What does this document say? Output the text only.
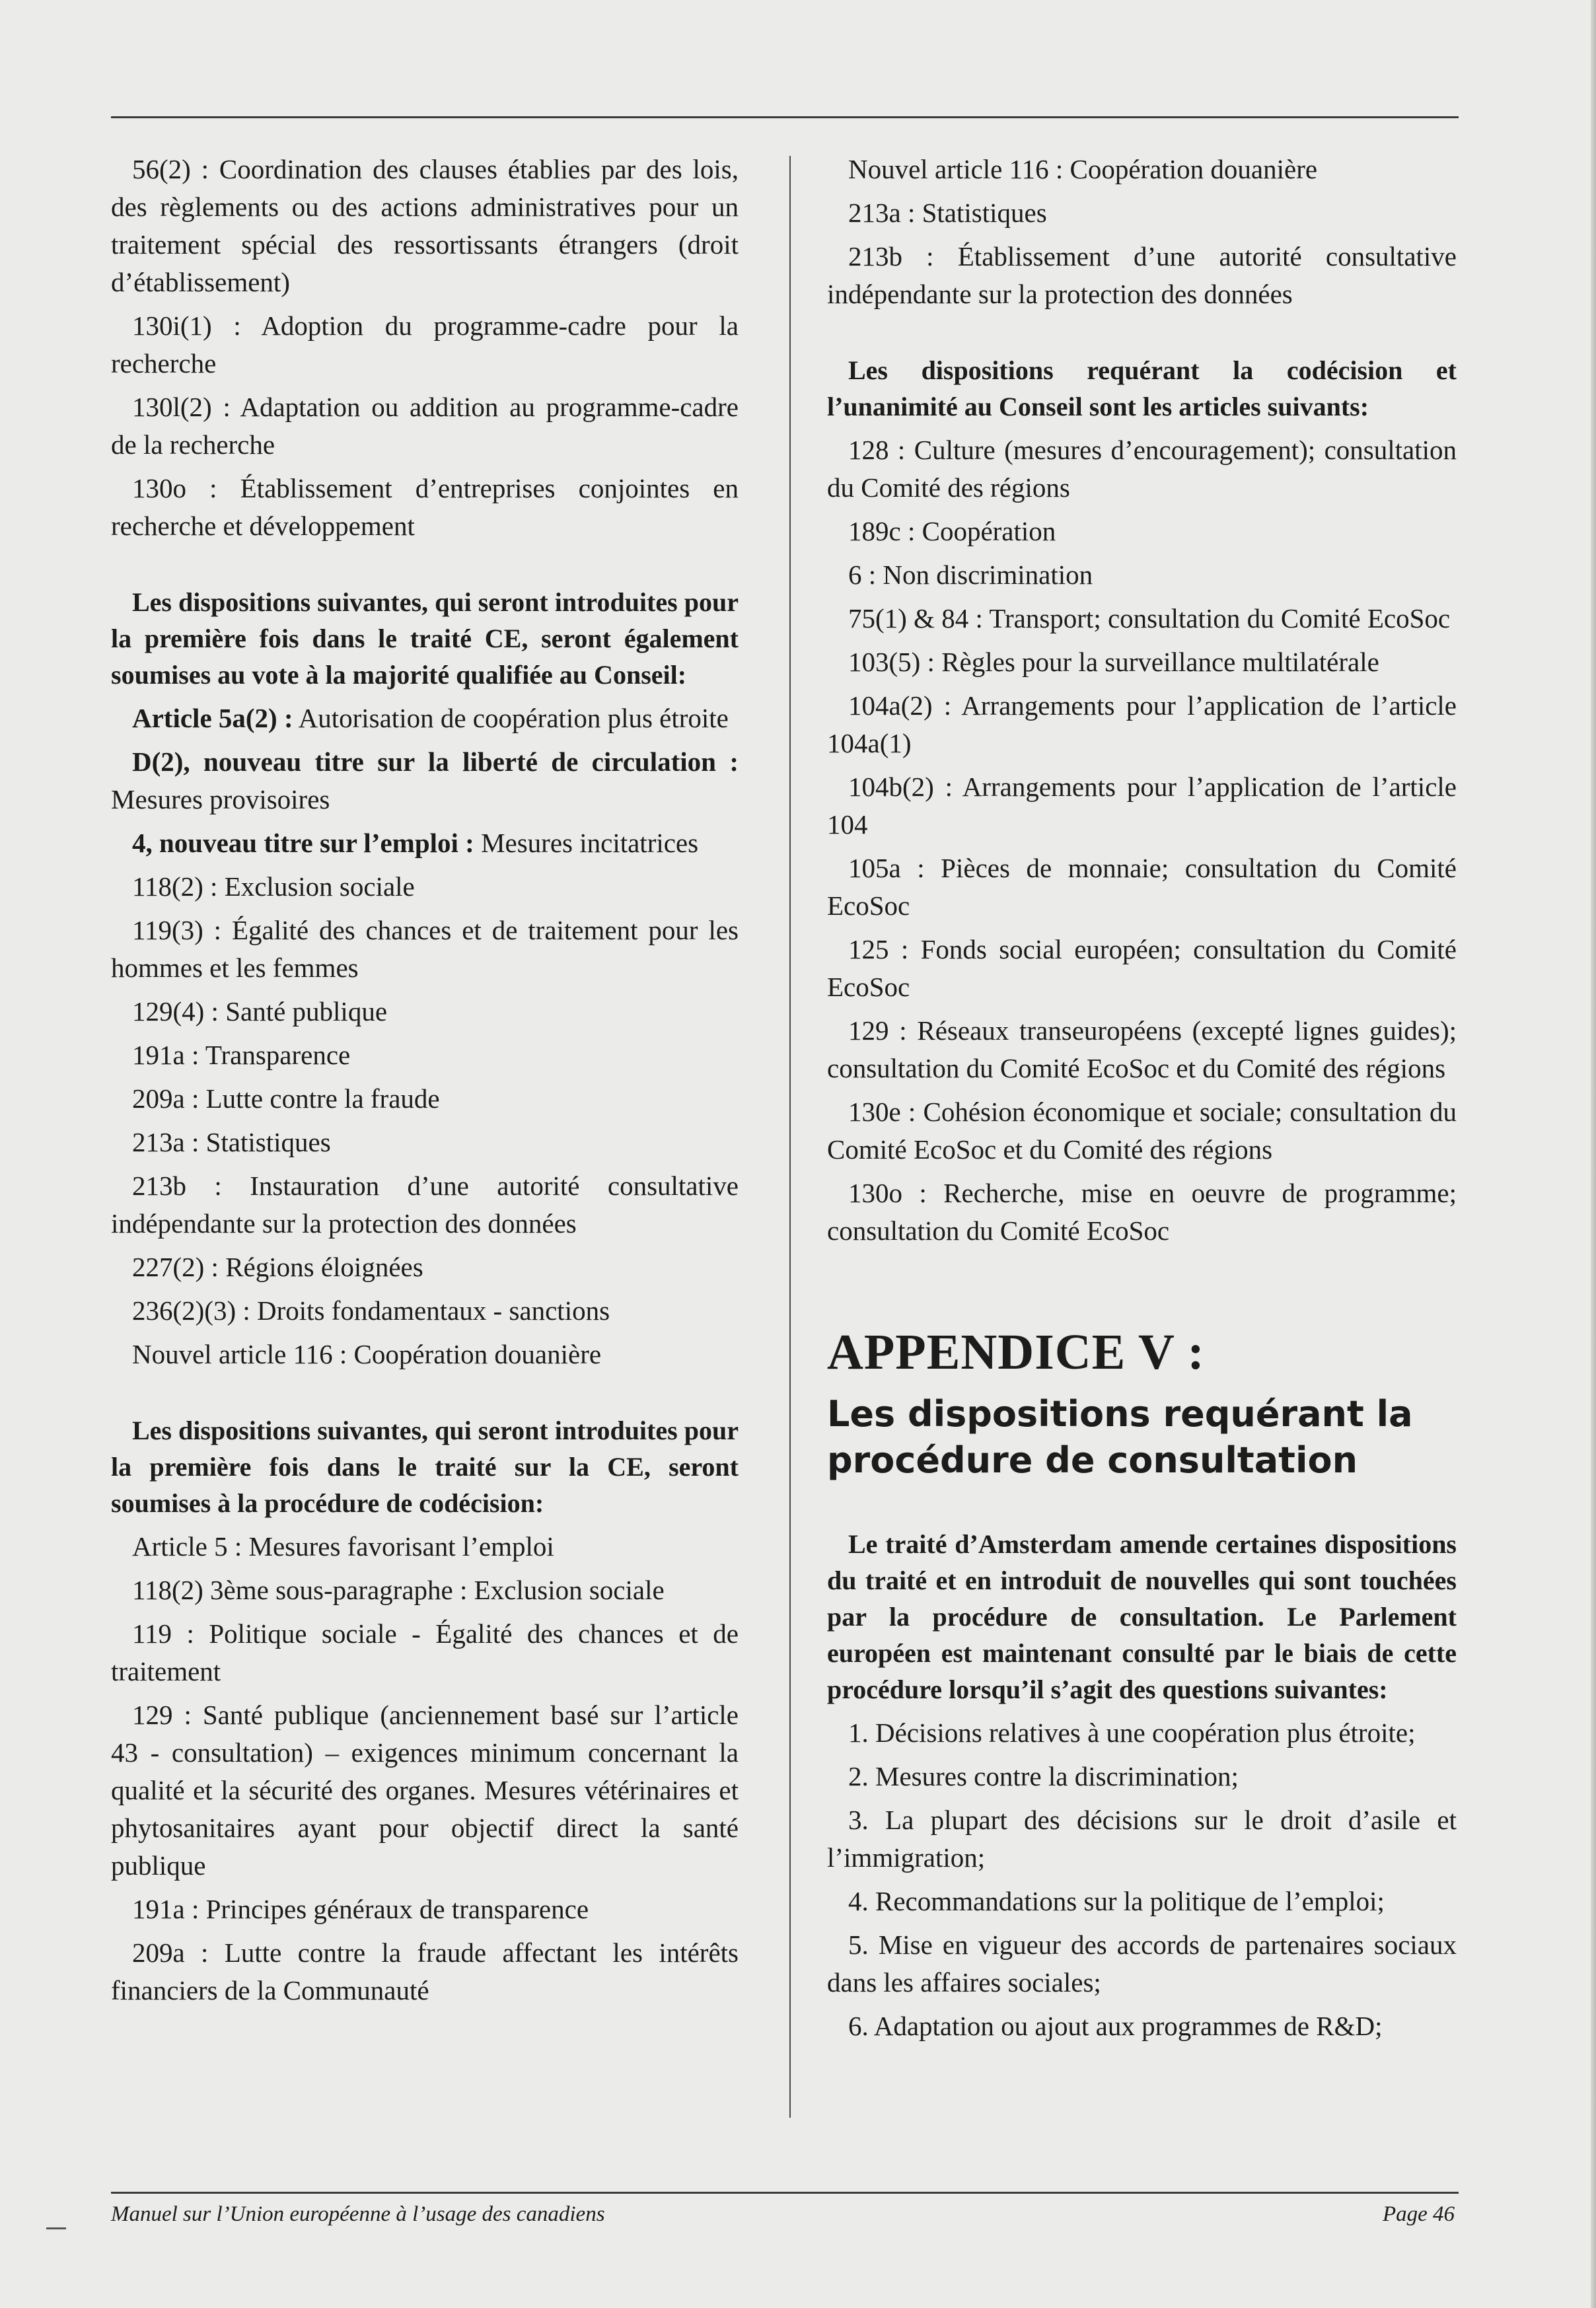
56(2) : Coordination des clauses établies par des lois, des règlements ou des actions administratives pour un traitement spécial des ressortissants étrangers (droit d’établissement)

130i(1) : Adoption du programme-cadre pour la recherche

130l(2) : Adaptation ou addition au programme-cadre de la recherche

130o : Établissement d’entreprises conjointes en recherche et développement

Les dispositions suivantes, qui seront introduites pour la première fois dans le traité CE, seront également soumises au vote à la majorité qualifiée au Conseil:

Article 5a(2) : Autorisation de coopération plus étroite

D(2), nouveau titre sur la liberté de circulation : Mesures provisoires

4, nouveau titre sur l’emploi : Mesures incitatrices

118(2) : Exclusion sociale

119(3) : Égalité des chances et de traitement pour les hommes et les femmes

129(4) : Santé publique

191a : Transparence

209a : Lutte contre la fraude

213a : Statistiques

213b : Instauration d’une autorité consultative indépendante sur la protection des données

227(2) : Régions éloignées

236(2)(3) : Droits fondamentaux - sanctions

Nouvel article 116 : Coopération douanière

Les dispositions suivantes, qui seront introduites pour la première fois dans le traité sur la CE, seront soumises à la procédure de codécision:

Article 5 : Mesures favorisant l’emploi

118(2) 3ème sous-paragraphe : Exclusion sociale

119 : Politique sociale - Égalité des chances et de traitement

129 : Santé publique (anciennement basé sur l’article 43 - consultation) – exigences minimum concernant la qualité et la sécurité des organes. Mesures vétérinaires et phytosanitaires ayant pour objectif direct la santé publique

191a : Principes généraux de transparence

209a : Lutte contre la fraude affectant les intérêts financiers de la Communauté

Nouvel article 116 : Coopération douanière

213a : Statistiques

213b : Établissement d’une autorité consultative indépendante sur la protection des données

Les dispositions requérant la codécision et l’unanimité au Conseil sont les articles suivants:

128 : Culture (mesures d’encouragement); consultation du Comité des régions

189c : Coopération

6 : Non discrimination

75(1) & 84 : Transport; consultation du Comité EcoSoc

103(5) : Règles pour la surveillance multilatérale

104a(2) : Arrangements pour l’application de l’article 104a(1)

104b(2) : Arrangements pour l’application de l’article 104

105a : Pièces de monnaie; consultation du Comité EcoSoc

125 : Fonds social européen; consultation du Comité EcoSoc

129 : Réseaux transeuropéens (excepté lignes guides); consultation du Comité EcoSoc et du Comité des régions

130e : Cohésion économique et sociale; consultation du Comité EcoSoc et du Comité des régions

130o : Recherche, mise en oeuvre de programme; consultation du Comité EcoSoc

APPENDICE V :
Les dispositions requérant la procédure de consultation

Le traité d’Amsterdam amende certaines dispositions du traité et en introduit de nouvelles qui sont touchées par la procédure de consultation. Le Parlement européen est maintenant consulté par le biais de cette procédure lorsqu’il s’agit des questions suivantes:

1. Décisions relatives à une coopération plus étroite;

2. Mesures contre la discrimination;

3. La plupart des décisions sur le droit d’asile et l’immigration;

4. Recommandations sur la politique de l’emploi;

5. Mise en vigueur des accords de partenaires sociaux dans les affaires sociales;

6. Adaptation ou ajout aux programmes de R&D;

Manuel sur l’Union européenne à l’usage des canadiens	Page 46
